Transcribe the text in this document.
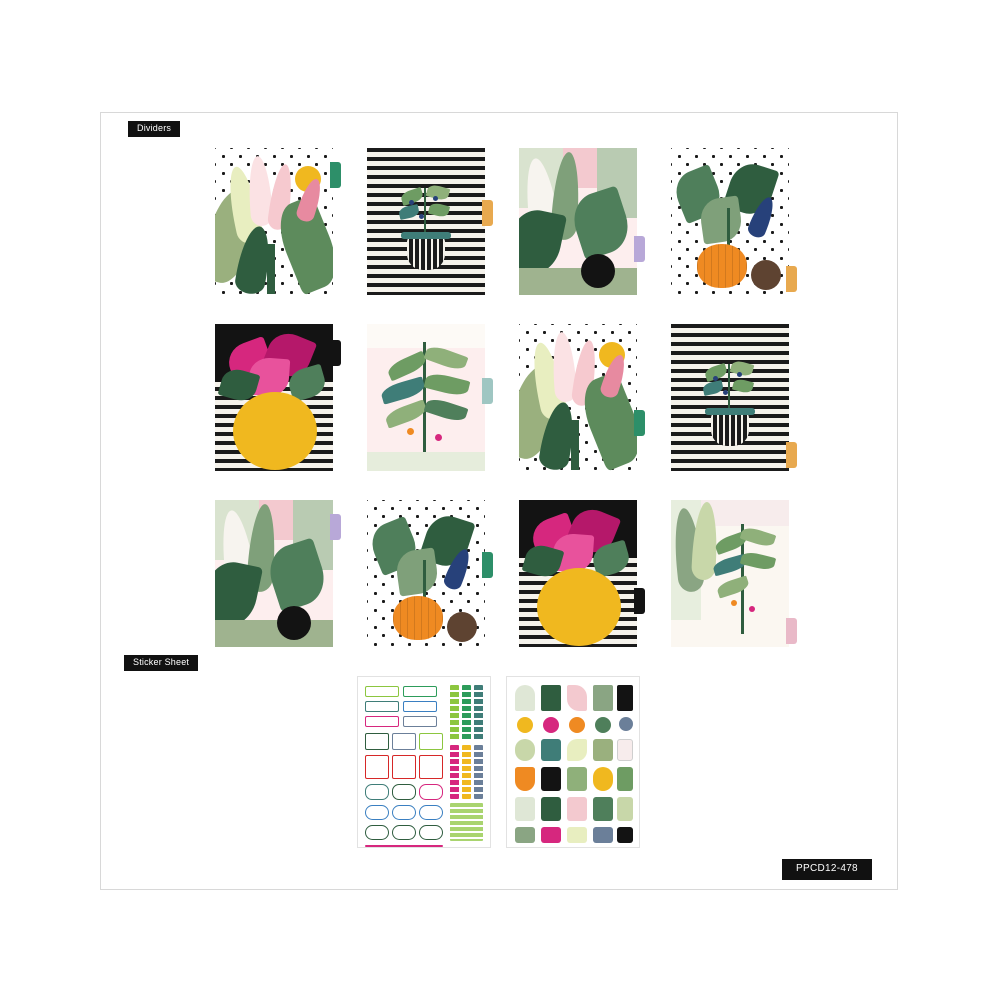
Dividers
Sticker Sheet
PPCD12-478
